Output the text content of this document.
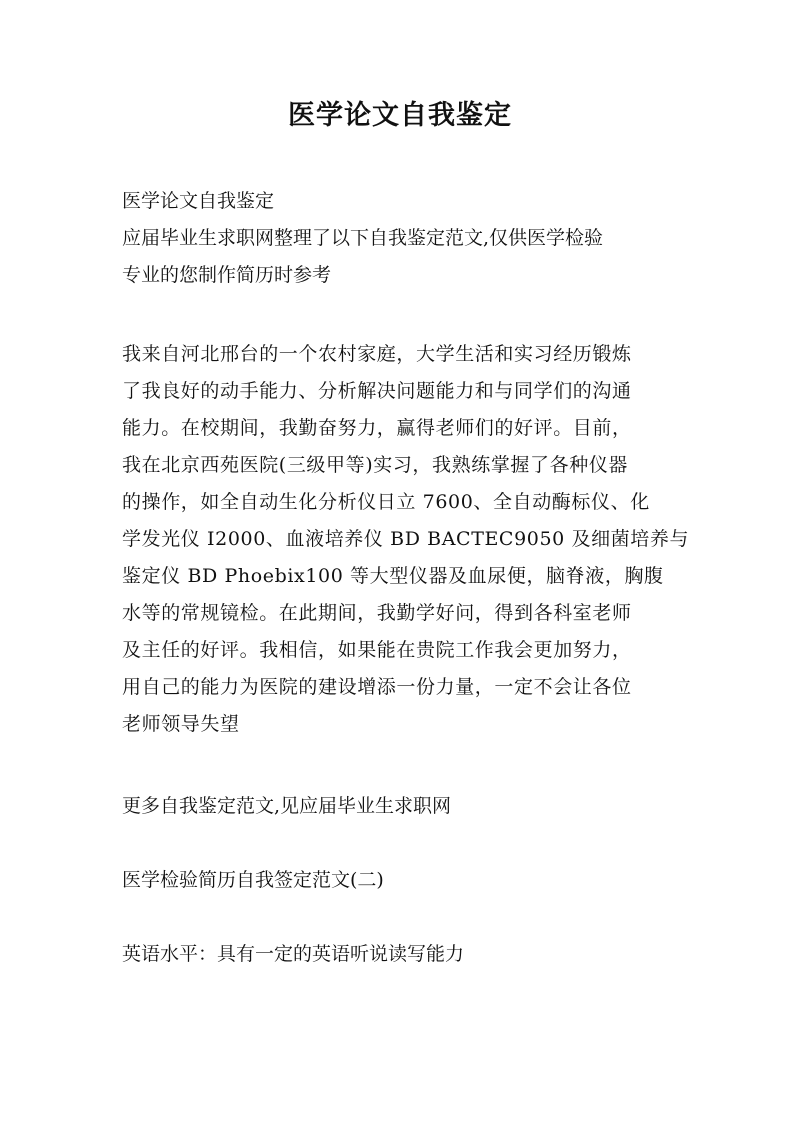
医学论文自我鉴定
医学论文自我鉴定
应届毕业生求职网整理了以下自我鉴定范文,仅供医学检验
专业的您制作简历时参考
我来自河北邢台的一个农村家庭，大学生活和实习经历锻炼
了我良好的动手能力、分析解决问题能力和与同学们的沟通
能力。在校期间，我勤奋努力，赢得老师们的好评。目前，
我在北京西苑医院(三级甲等)实习，我熟练掌握了各种仪器
的操作，如全自动生化分析仪日立 7600、全自动酶标仪、化
学发光仪 I2000、血液培养仪 BD BACTEC9050 及细菌培养与
鉴定仪 BD Phoebix100 等大型仪器及血尿便，脑脊液，胸腹
水等的常规镜检。在此期间，我勤学好问，得到各科室老师
及主任的好评。我相信，如果能在贵院工作我会更加努力，
用自己的能力为医院的建设增添一份力量，一定不会让各位
老师领导失望

更多自我鉴定范文,见应届毕业生求职网

医学检验简历自我签定范文(二)

英语水平：具有一定的英语听说读写能力
